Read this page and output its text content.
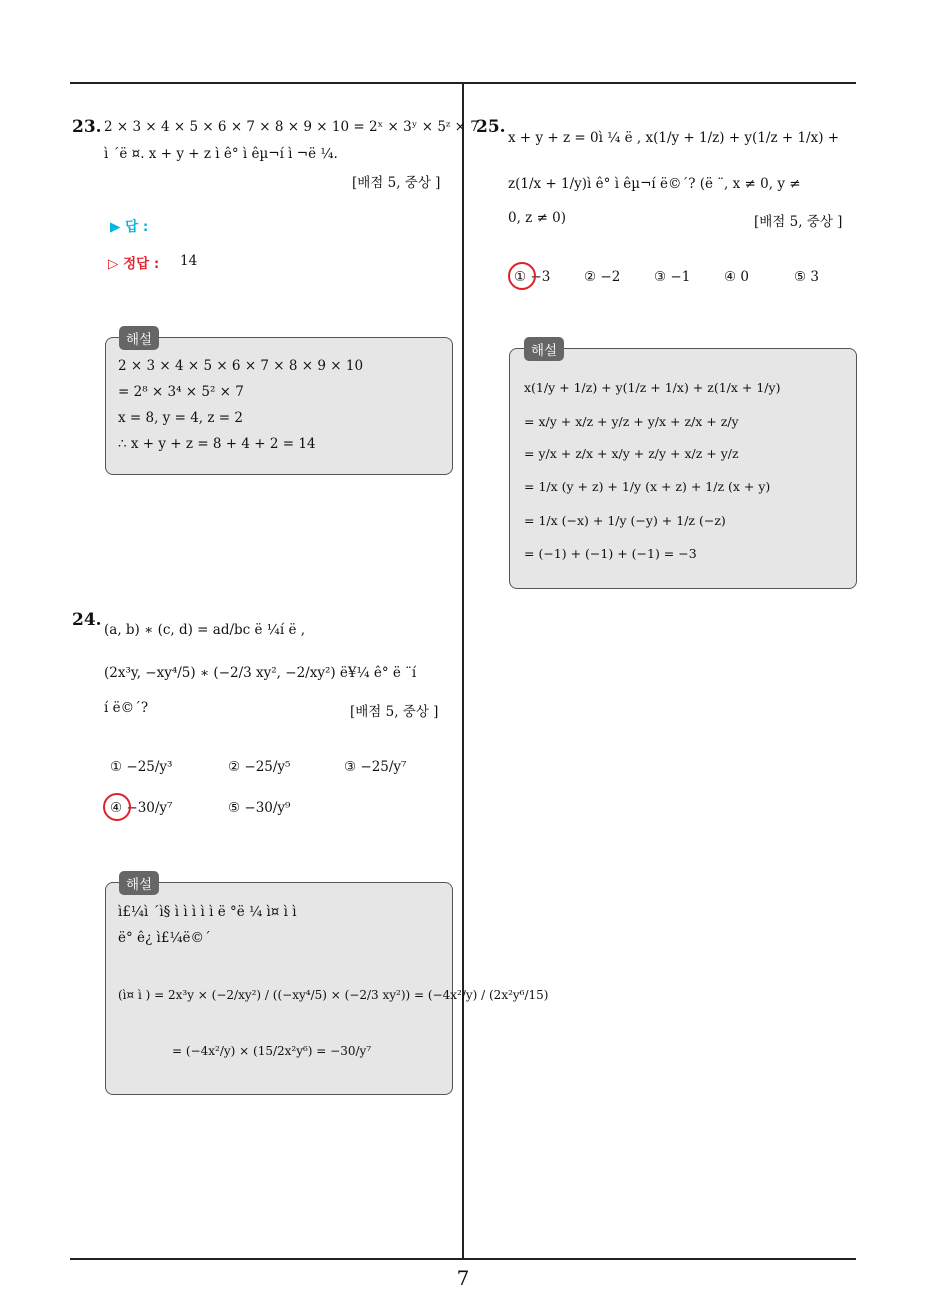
23. 2 × 3 × 4 × 5 × 6 × 7 × 8 × 9 × 10 = 2ˣ × 3ʸ × 5ᶻ × 7
ì ´ë ¤. x + y + z ì ê° ì êµ¬í ì ¬ë ¼.
[배점 5, 중상 ]
▶ 답 :
▷ 정답 : 14
해설
2 × 3 × 4 × 5 × 6 × 7 × 8 × 9 × 10
= 2⁸ × 3⁴ × 5² × 7
x = 8, y = 4, z = 2
∴ x + y + z = 8 + 4 + 2 = 14
24. (a, b) ∗ (c, d) = ad/bc ë ¼í ë ,
(2x³y, −xy⁴/5) ∗ (−2/3 xy², −2/xy²) ë¥¼ ê° ë ¨í
í ë©´?	[배점 5, 중상 ]
① −25/y³	② −25/y⁵	③ −25/y⁷
④ −30/y⁷	⑤ −30/y⁹
해설
ì£¼ì ´ì§ ì ì ì ì ì ë °ë ¼ ì¤ ì ì
ë° ê¿ ì£¼ë©´
(ì¤ ì ) = 2x³y × (−2/xy²) / ((−xy⁴/5) × (−2/3 xy²)) = (−4x²/y) / (2x²y⁶/15)
= (−4x²/y) × (15/2x²y⁶) = −30/y⁷
25.
x + y + z = 0ì ¼ ë , x(1/y + 1/z) + y(1/z + 1/x) +
z(1/x + 1/y)ì ê° ì êµ¬í ë©´? (ë ¨, x ≠ 0, y ≠
0, z ≠ 0)	[배점 5, 중상 ]
① −3 ② −2 ③ −1 ④ 0	⑤ 3
해설
x(1/y + 1/z) + y(1/z + 1/x) + z(1/x + 1/y)
= x/y + x/z + y/z + y/x + z/x + z/y
= y/x + z/x + x/y + z/y + x/z + y/z
= 1/x (y + z) + 1/y (x + z) + 1/z (x + y)
= 1/x (−x) + 1/y (−y) + 1/z (−z)
= (−1) + (−1) + (−1) = −3
7
